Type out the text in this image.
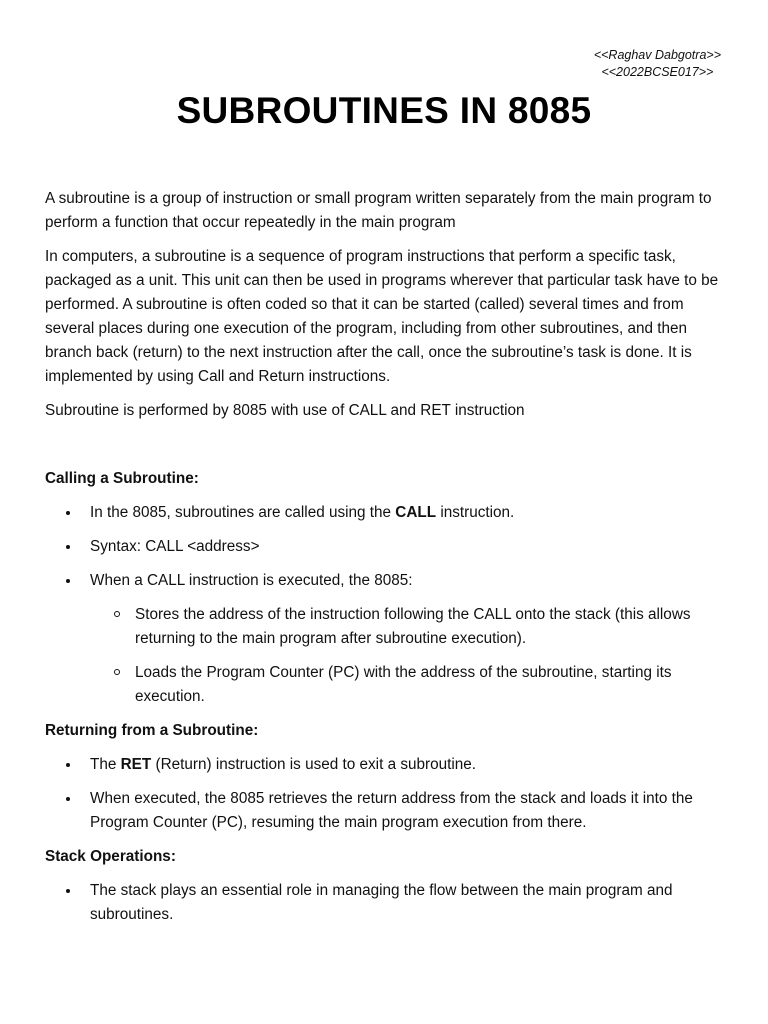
<<Raghav Dabgotra>>
<<2022BCSE017>>
SUBROUTINES IN 8085

A subroutine is a group of instruction or small program written separately from the main program to perform a function that occur repeatedly in the main program

In computers, a subroutine is a sequence of program instructions that perform a specific task, packaged as a unit. This unit can then be used in programs wherever that particular task have to be performed. A subroutine is often coded so that it can be started (called) several times and from several places during one execution of the program, including from other subroutines, and then branch back (return) to the next instruction after the call, once the subroutine’s task is done. It is implemented by using Call and Return instructions.

Subroutine is performed by 8085 with use of CALL and RET instruction

Calling a Subroutine:
In the 8085, subroutines are called using the CALL instruction.
Syntax: CALL <address>
When a CALL instruction is executed, the 8085:
Stores the address of the instruction following the CALL onto the stack (this allows returning to the main program after subroutine execution).
Loads the Program Counter (PC) with the address of the subroutine, starting its execution.
Returning from a Subroutine:
The RET (Return) instruction is used to exit a subroutine.
When executed, the 8085 retrieves the return address from the stack and loads it into the Program Counter (PC), resuming the main program execution from there.
Stack Operations:
The stack plays an essential role in managing the flow between the main program and subroutines.
